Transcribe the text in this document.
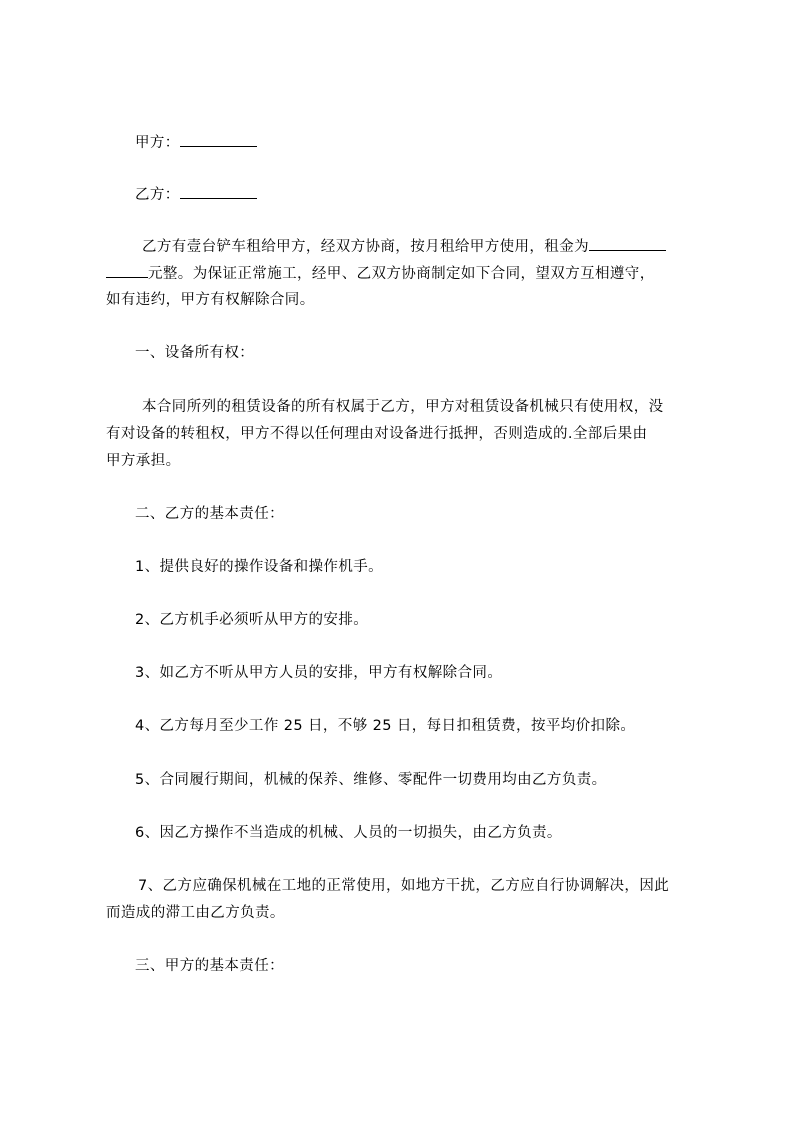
甲方：
乙方：
乙方有壹台铲车租给甲方，经双方协商，按月租给甲方使用，租金为
元整。为保证正常施工，经甲、乙双方协商制定如下合同，望双方互相遵守，
如有违约，甲方有权解除合同。
一、设备所有权：
本合同所列的租赁设备的所有权属于乙方，甲方对租赁设备机械只有使用权，没
有对设备的转租权，甲方不得以任何理由对设备进行抵押，否则造成的.全部后果由
甲方承担。
二、乙方的基本责任：
1、提供良好的操作设备和操作机手。
2、乙方机手必须听从甲方的安排。
3、如乙方不听从甲方人员的安排，甲方有权解除合同。
4、乙方每月至少工作 25 日，不够 25 日，每日扣租赁费，按平均价扣除。
5、合同履行期间，机械的保养、维修、零配件一切费用均由乙方负责。
6、因乙方操作不当造成的机械、人员的一切损失，由乙方负责。
7、乙方应确保机械在工地的正常使用，如地方干扰，乙方应自行协调解决，因此
而造成的滞工由乙方负责。
三、甲方的基本责任：
